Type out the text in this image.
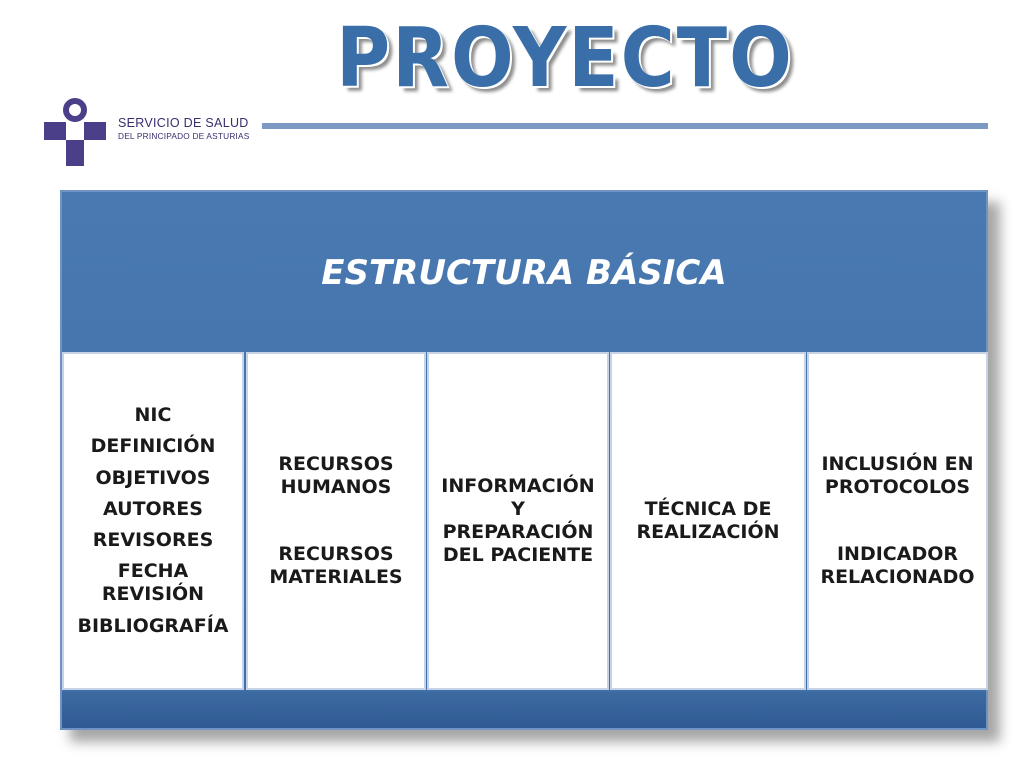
PROYECTO
SERVICIO DE SALUD
DEL PRINCIPADO DE ASTURIAS
ESTRUCTURA BÁSICA
NIC
DEFINICIÓN
OBJETIVOS
AUTORES
REVISORES
FECHA REVISIÓN
BIBLIOGRAFÍA
RECURSOS HUMANOS
RECURSOS MATERIALES
INFORMACIÓN Y PREPARACIÓN DEL PACIENTE
TÉCNICA DE REALIZACIÓN
INCLUSIÓN EN PROTOCOLOS
INDICADOR RELACIONADO
